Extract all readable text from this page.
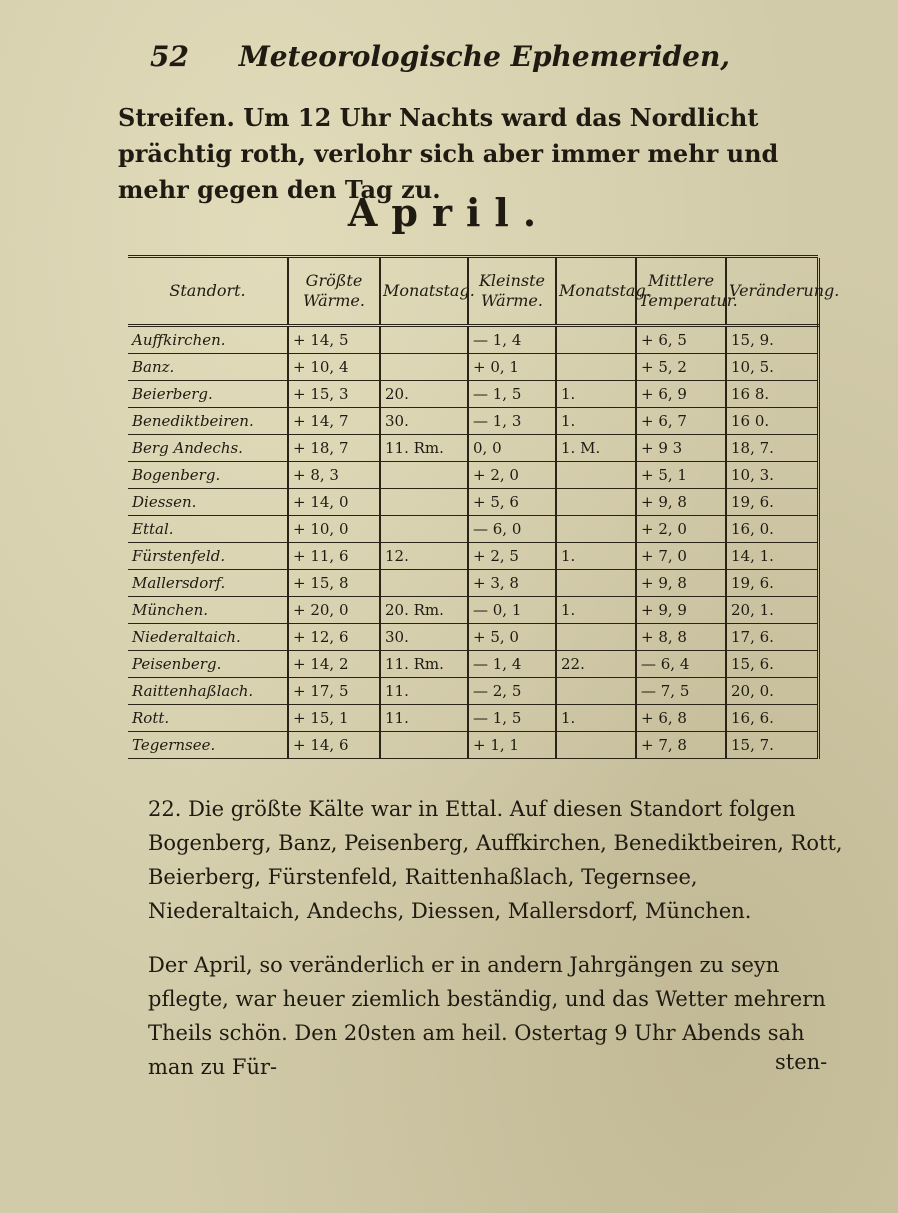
52 Meteorologische Ephemeriden,
Streifen. Um 12 Uhr Nachts ward das Nordlicht prächtig roth, verlohr sich aber immer mehr und mehr gegen den Tag zu.
April.
Standort.	Größte Wärme.	Monatstag.	Kleinste Wärme.	Monatstag.	Mittlere Temperatur.	Veränderung.
Auffkirchen.	+ 14, 5		— 1, 4		+ 6, 5	15, 9.
Banz.	+ 10, 4		+ 0, 1		+ 5, 2	10, 5.
Beierberg.	+ 15, 3	20.	— 1, 5	1.	+ 6, 9	16 8.
Benediktbeiren.	+ 14, 7	30.	— 1, 3	1.	+ 6, 7	16 0.
Berg Andechs.	+ 18, 7	11. Rm.	0, 0	1. M.	+ 9 3	18, 7.
Bogenberg.	+ 8, 3		+ 2, 0		+ 5, 1	10, 3.
Diessen.	+ 14, 0		+ 5, 6		+ 9, 8	19, 6.
Ettal.	+ 10, 0		— 6, 0		+ 2, 0	16, 0.
Fürstenfeld.	+ 11, 6	12.	+ 2, 5	1.	+ 7, 0	14, 1.
Mallersdorf.	+ 15, 8		+ 3, 8		+ 9, 8	19, 6.
München.	+ 20, 0	20. Rm.	— 0, 1	1.	+ 9, 9	20, 1.
Niederaltaich.	+ 12, 6	30.	+ 5, 0		+ 8, 8	17, 6.
Peisenberg.	+ 14, 2	11. Rm.	— 1, 4	22.	— 6, 4	15, 6.
Raittenhaßlach.	+ 17, 5	11.	— 2, 5		— 7, 5	20, 0.
Rott.	+ 15, 1	11.	— 1, 5	1.	+ 6, 8	16, 6.
Tegernsee.	+ 14, 6		+ 1, 1		+ 7, 8	15, 7.
22. Die größte Kälte war in Ettal. Auf diesen Standort folgen Bogenberg, Banz, Peisenberg, Auffkirchen, Benediktbeiren, Rott, Beierberg, Fürstenfeld, Raittenhaßlach, Tegernsee, Niederaltaich, Andechs, Diessen, Mallersdorf, München.
Der April, so veränderlich er in andern Jahrgängen zu seyn pflegte, war heuer ziemlich beständig, und das Wetter mehrern Theils schön. Den 20sten am heil. Ostertag 9 Uhr Abends sah man zu Für-	sten-
